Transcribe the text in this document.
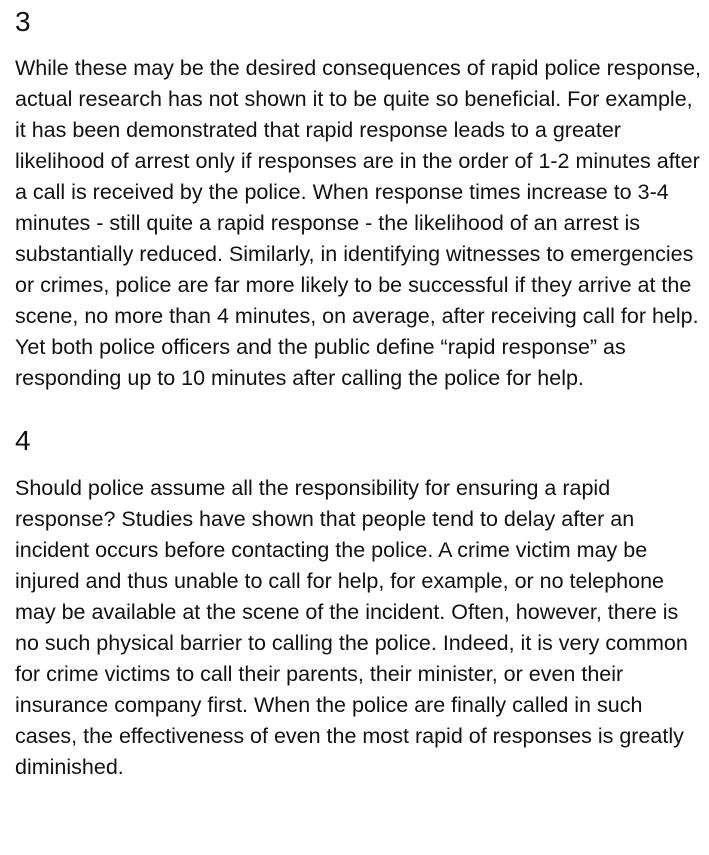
3

While these may be the desired consequences of rapid police response, actual research has not shown it to be quite so beneficial. For example, it has been demonstrated that rapid response leads to a greater likelihood of arrest only if responses are in the order of 1-2 minutes after a call is received by the police. When response times increase to 3-4 minutes - still quite a rapid response - the likelihood of an arrest is substantially reduced. Similarly, in identifying witnesses to emergencies or crimes, police are far more likely to be successful if they arrive at the scene, no more than 4 minutes, on average, after receiving call for help. Yet both police officers and the public define “rapid response” as responding up to 10 minutes after calling the police for help.

4

Should police assume all the responsibility for ensuring a rapid response? Studies have shown that people tend to delay after an incident occurs before contacting the police. A crime victim may be injured and thus unable to call for help, for example, or no telephone may be available at the scene of the incident. Often, however, there is no such physical barrier to calling the police. Indeed, it is very common for crime victims to call their parents, their minister, or even their insurance company first. When the police are finally called in such cases, the effectiveness of even the most rapid of responses is greatly diminished.
